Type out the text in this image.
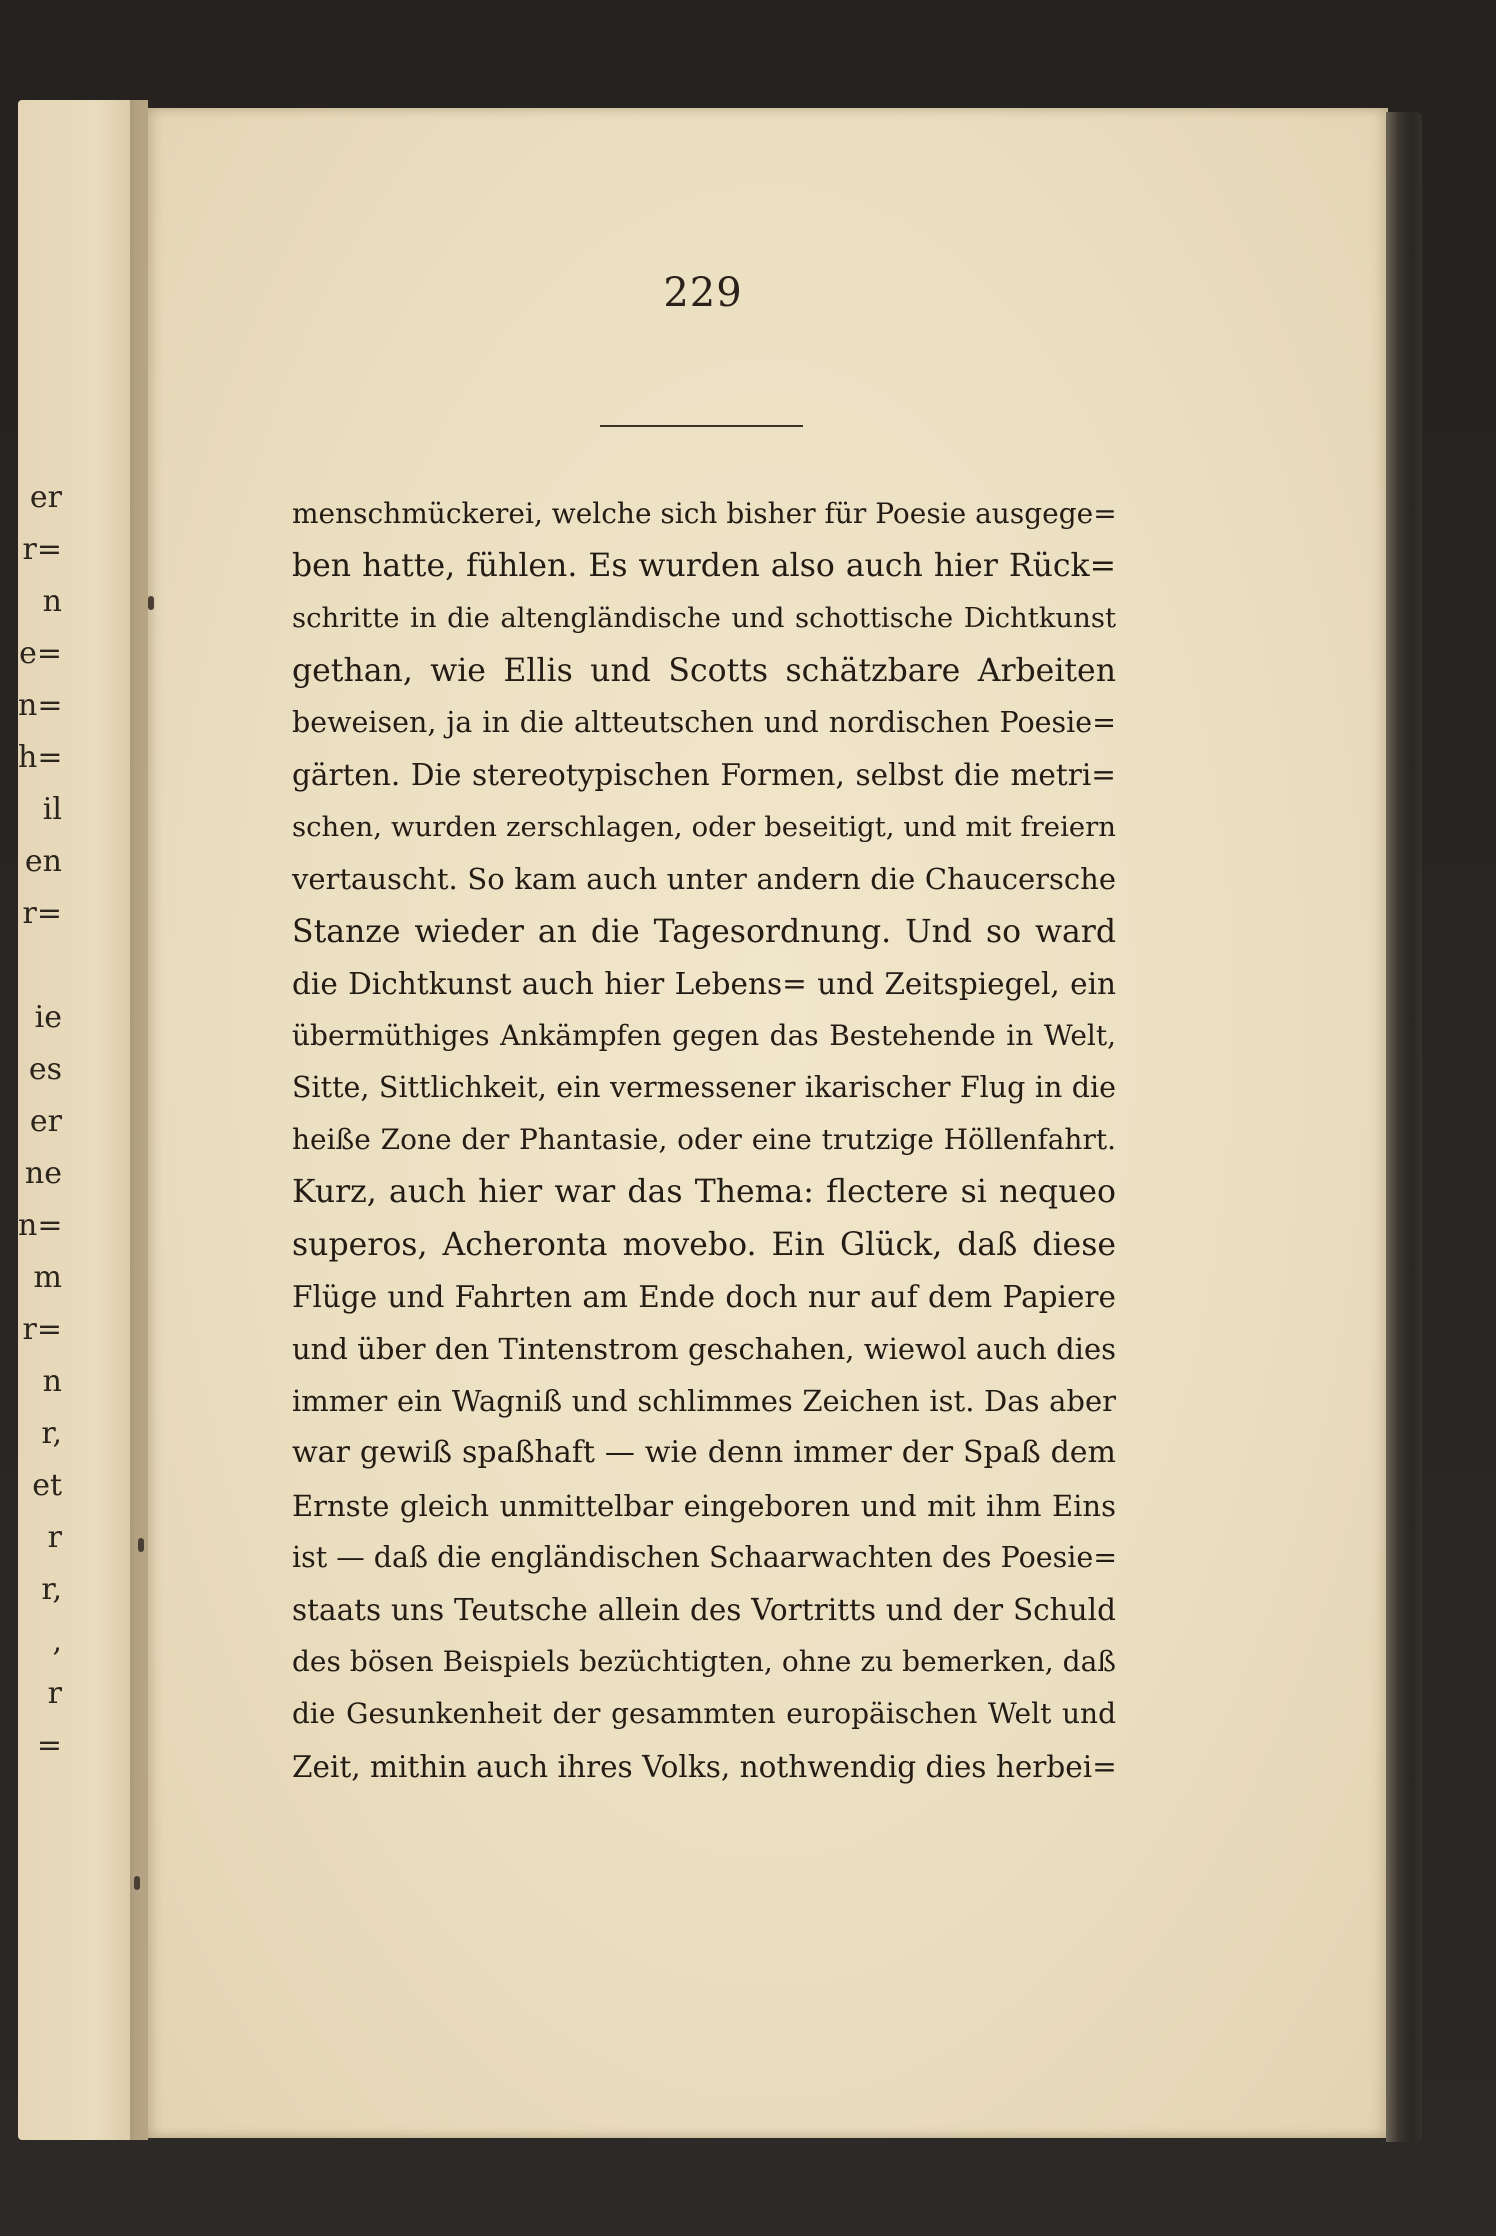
er
r=
n
e=
n=
h=
il
en
r=
ie
es
er
ne
n=
m
r=
n
r,
et
r
r,
,
r
=
229
menschmückerei, welche sich bisher für Poesie ausgege=
ben hatte, fühlen. Es wurden also auch hier Rück=
schritte in die altengländische und schottische Dichtkunst
gethan, wie Ellis und Scotts schätzbare Arbeiten
beweisen, ja in die altteutschen und nordischen Poesie=
gärten. Die stereotypischen Formen, selbst die metri=
schen, wurden zerschlagen, oder beseitigt, und mit freiern
vertauscht. So kam auch unter andern die Chaucersche
Stanze wieder an die Tagesordnung. Und so ward
die Dichtkunst auch hier Lebens= und Zeitspiegel, ein
übermüthiges Ankämpfen gegen das Bestehende in Welt,
Sitte, Sittlichkeit, ein vermessener ikarischer Flug in die
heiße Zone der Phantasie, oder eine trutzige Höllenfahrt.
Kurz, auch hier war das Thema: flectere si nequeo
superos, Acheronta movebo. Ein Glück, daß diese
Flüge und Fahrten am Ende doch nur auf dem Papiere
und über den Tintenstrom geschahen, wiewol auch dies
immer ein Wagniß und schlimmes Zeichen ist. Das aber
war gewiß spaßhaft — wie denn immer der Spaß dem
Ernste gleich unmittelbar eingeboren und mit ihm Eins
ist — daß die engländischen Schaarwachten des Poesie=
staats uns Teutsche allein des Vortritts und der Schuld
des bösen Beispiels bezüchtigten, ohne zu bemerken, daß
die Gesunkenheit der gesammten europäischen Welt und
Zeit, mithin auch ihres Volks, nothwendig dies herbei=
